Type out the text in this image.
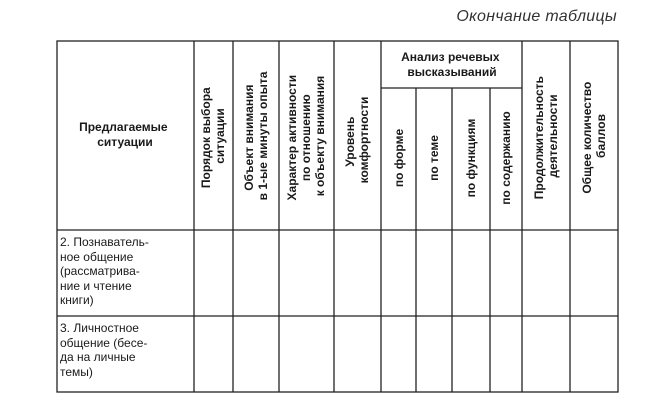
Окончание таблицы
Предлагаемые ситуации	Порядок выбора ситуации Объект внимания в 1-ые минуты опыта Характер активности по отношению к объекту внимания Уровень комфортности
Анализ речевых высказываний
по форме по теме по функциям по содержанию Продолжительность деятельности Общее количество баллов
2. Познаватель-
ное общение
(рассматрива-
ние и чтение
книги)
3. Личностное
общение (бесе-
да на личные
темы)
